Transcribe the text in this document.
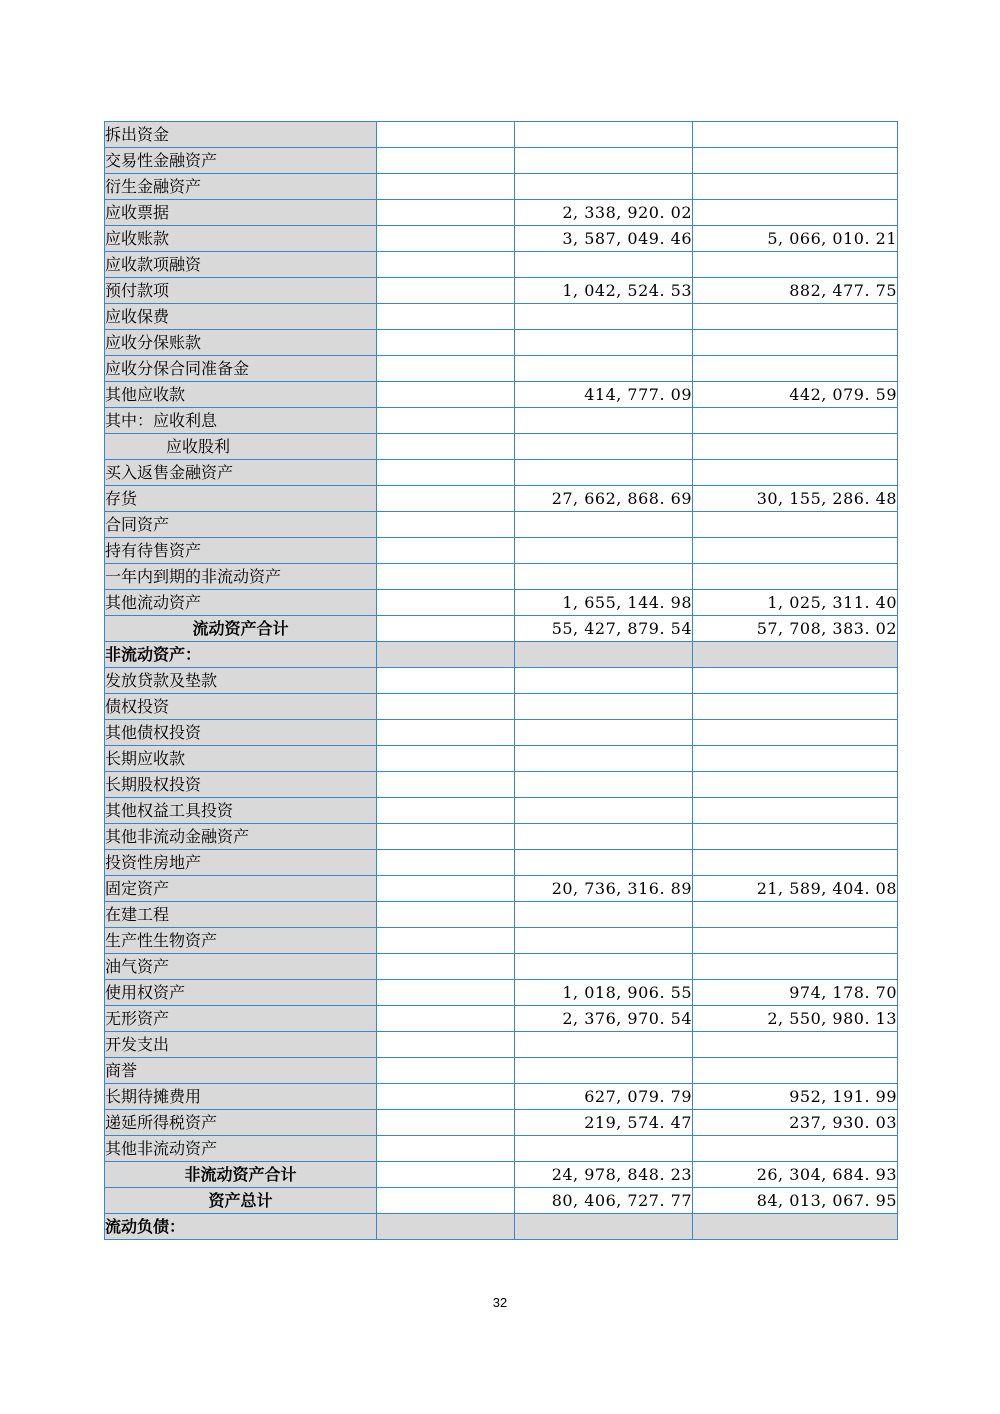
拆出资金			
交易性金融资产			
衍生金融资产			
应收票据		2, 338, 920. 02	
应收账款		3, 587, 049. 46	5, 066, 010. 21
应收款项融资			
预付款项		1, 042, 524. 53	882, 477. 75
应收保费			
应收分保账款			
应收分保合同准备金			
其他应收款		414, 777. 09	442, 079. 59
其中：应收利息			
应收股利			
买入返售金融资产			
存货		27, 662, 868. 69	30, 155, 286. 48
合同资产			
持有待售资产			
一年内到期的非流动资产			
其他流动资产		1, 655, 144. 98	1, 025, 311. 40
流动资产合计		55, 427, 879. 54	57, 708, 383. 02
非流动资产：			
发放贷款及垫款			
债权投资			
其他债权投资			
长期应收款			
长期股权投资			
其他权益工具投资			
其他非流动金融资产			
投资性房地产			
固定资产		20, 736, 316. 89	21, 589, 404. 08
在建工程			
生产性生物资产			
油气资产			
使用权资产		1, 018, 906. 55	974, 178. 70
无形资产		2, 376, 970. 54	2, 550, 980. 13
开发支出			
商誉			
长期待摊费用		627, 079. 79	952, 191. 99
递延所得税资产		219, 574. 47	237, 930. 03
其他非流动资产			
非流动资产合计		24, 978, 848. 23	26, 304, 684. 93
资产总计		80, 406, 727. 77	84, 013, 067. 95
流动负债：			
32
